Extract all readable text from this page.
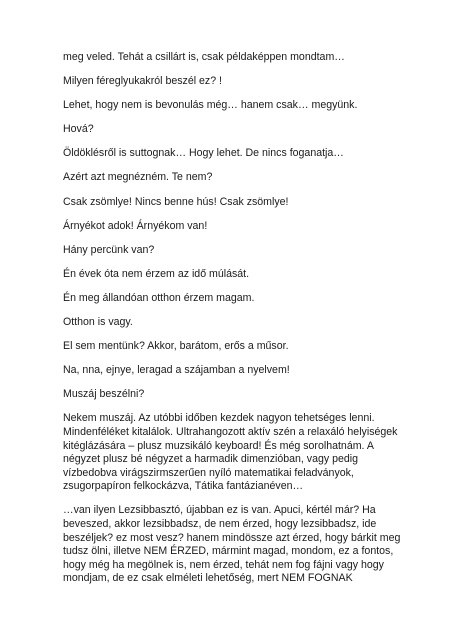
meg veled. Tehát a csillárt is, csak példaképpen mondtam…

Milyen féreglyukakról beszél ez? !

Lehet, hogy nem is bevonulás még… hanem csak… megyünk.

Hová?

Öldöklésről is suttognak… Hogy lehet. De nincs foganatja…

Azért azt megnézném. Te nem?

Csak zsömlye! Nincs benne hús! Csak zsömlye!

Árnyékot adok! Árnyékom van!

Hány percünk van?

Én évek óta nem érzem az idő múlását.

Én meg állandóan otthon érzem magam.

Otthon is vagy.

El sem mentünk? Akkor, barátom, erős a műsor.

Na, nna, ejnye, leragad a szájamban a nyelvem!

Muszáj beszélni?

Nekem muszáj. Az utóbbi időben kezdek nagyon tehetséges lenni.
Mindenféléket kitalálok. Ultrahangozott aktív szén a relaxáló helyiségek
kitéglázására – plusz muzsikáló keyboard! És még sorolhatnám. A
négyzet plusz bé négyzet a harmadik dimenzióban, vagy pedig
vízbedobva virágszirmszerűen nyíló matematikai feladványok,
zsugorpapíron felkockázva, Tátika fantázianéven…

…van ilyen Lezsibbasztó, újabban ez is van. Apuci, kértél már? Ha
beveszed, akkor lezsibbadsz, de nem érzed, hogy lezsibbadsz, ide
beszéljek? ez most vesz? hanem mindössze azt érzed, hogy bárkit meg
tudsz ölni, illetve NEM ÉRZED, mármint magad, mondom, ez a fontos,
hogy még ha megölnek is, nem érzed, tehát nem fog fájni vagy hogy
mondjam, de ez csak elméleti lehetőség, mert NEM FOGNAK
